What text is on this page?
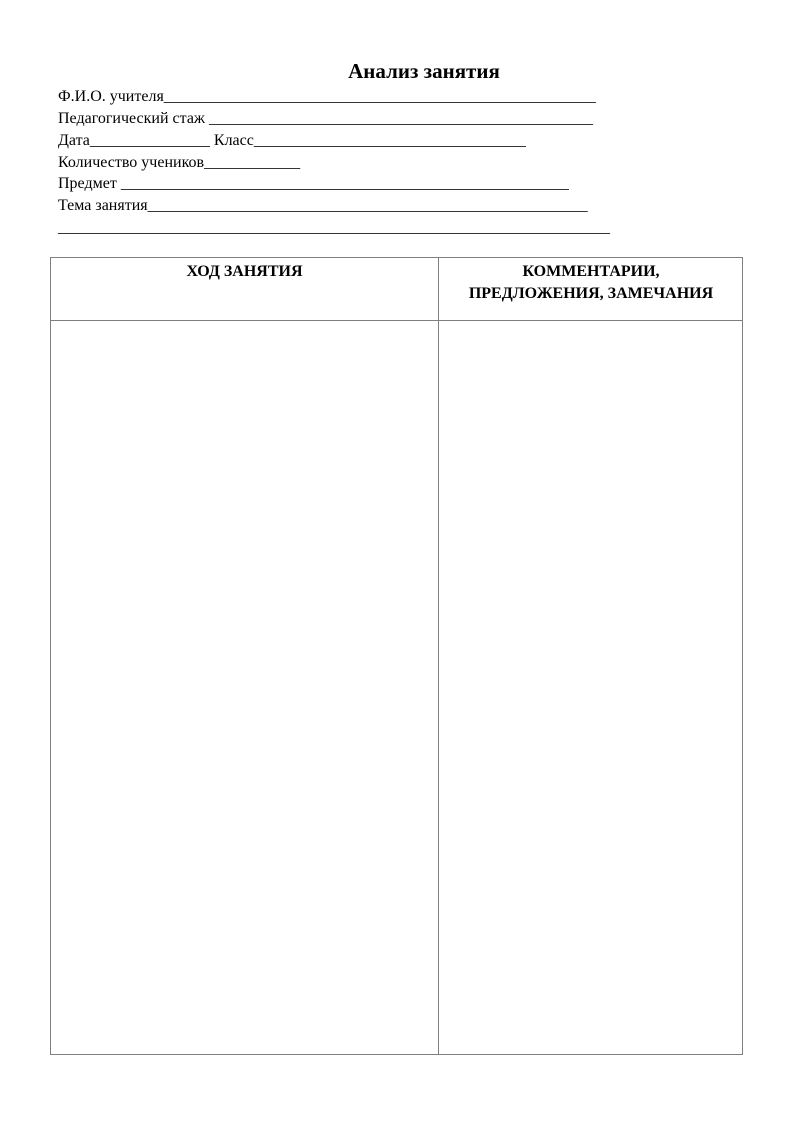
Анализ занятия
Ф.И.О. учителя______________________________________________________
Педагогический стаж ________________________________________________
Дата_______________ Класс__________________________________
Количество учеников____________
Предмет ________________________________________________________
Тема занятия_______________________________________________________
_____________________________________________________________________
ХОД ЗАНЯТИЯ	КОММЕНТАРИИ,
ПРЕДЛОЖЕНИЯ, ЗАМЕЧАНИЯ
